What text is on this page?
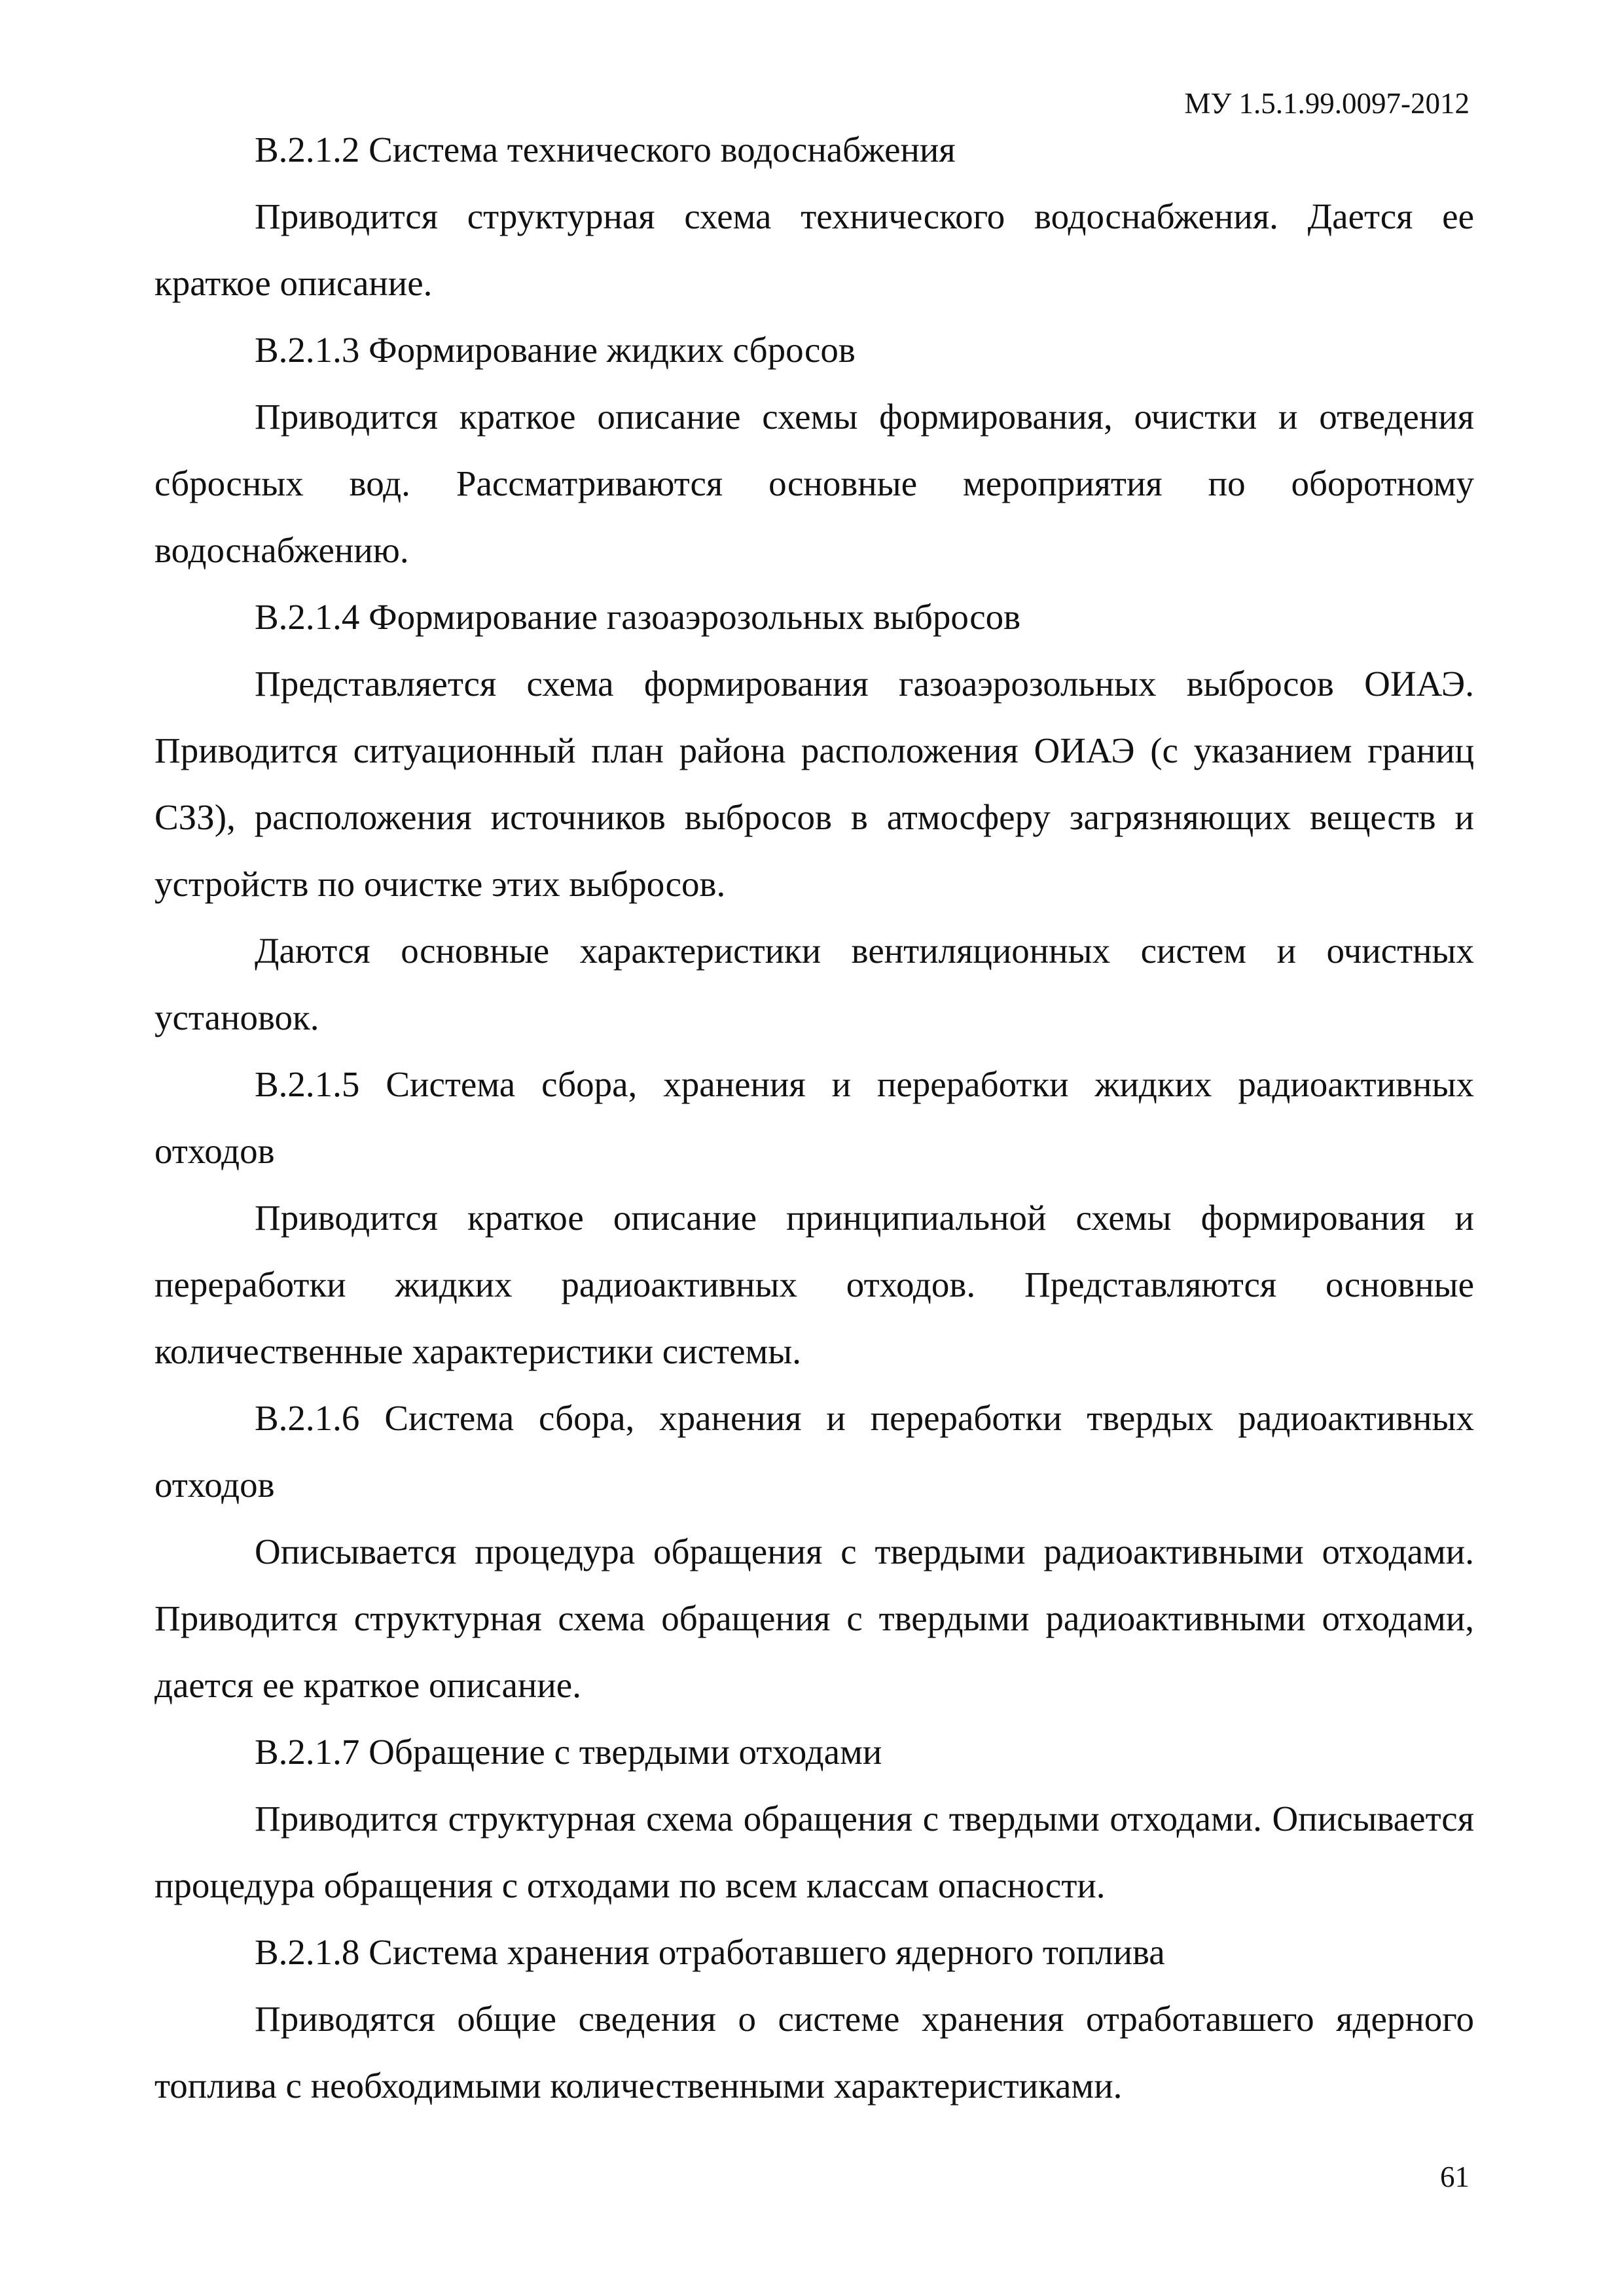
МУ 1.5.1.99.0097-2012

В.2.1.2 Система технического водоснабжения

Приводится структурная схема технического водоснабжения. Дается ее краткое описание.

В.2.1.3 Формирование жидких сбросов

Приводится краткое описание схемы формирования, очистки и отведения сбросных вод. Рассматриваются основные мероприятия по оборотному водоснабжению.

В.2.1.4 Формирование газоаэрозольных выбросов

Представляется схема формирования газоаэрозольных выбросов ОИАЭ. Приводится ситуационный план района расположения ОИАЭ (с указанием границ СЗЗ), расположения источников выбросов в атмосферу загрязняющих веществ и устройств по очистке этих выбросов.

Даются основные характеристики вентиляционных систем и очистных установок.

В.2.1.5 Система сбора, хранения и переработки жидких радиоактивных отходов

Приводится краткое описание принципиальной схемы формирования и переработки жидких радиоактивных отходов. Представляются основные количественные характеристики системы.

В.2.1.6 Система сбора, хранения и переработки твердых радиоактивных отходов

Описывается процедура обращения с твердыми радиоактивными отходами. Приводится структурная схема обращения с твердыми радиоактивными отходами, дается ее краткое описание.

В.2.1.7 Обращение с твердыми отходами

Приводится структурная схема обращения с твердыми отходами. Описывается процедура обращения с отходами по всем классам опасности.

В.2.1.8 Система хранения отработавшего ядерного топлива

Приводятся общие сведения о системе хранения отработавшего ядерного топлива с необходимыми количественными характеристиками.

61
